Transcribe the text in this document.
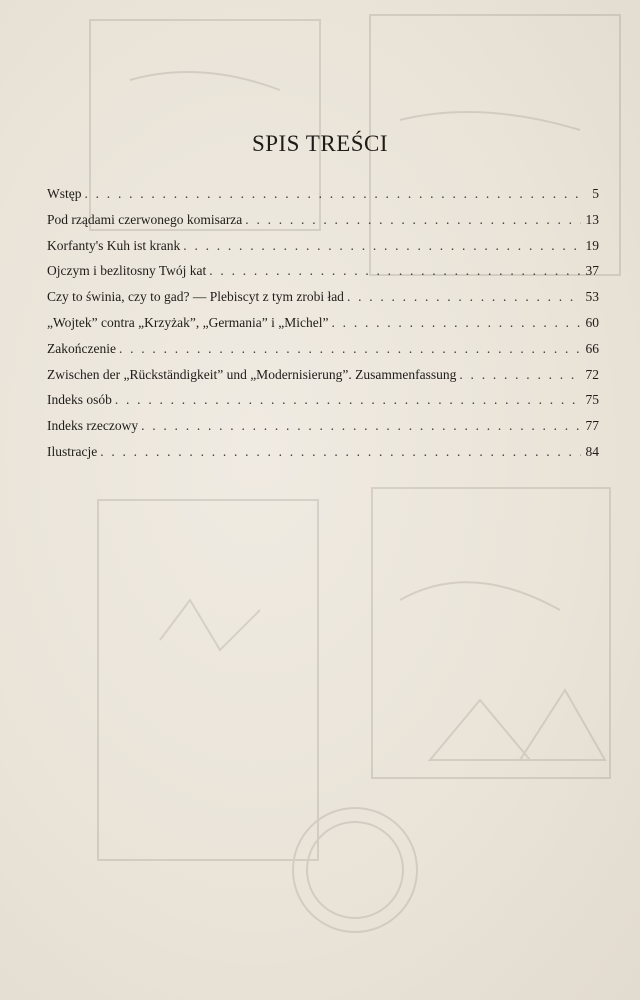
SPIS TREŚCI
Wstęp . . .	5
Pod rządami czerwonego komisarza . . .	13
Korfanty's Kuh ist krank . . .	19
Ojczym i bezlitosny Twój kat . . .	37
Czy to świnia, czy to gad? — Plebiscyt z tym zrobi ład . . .	53
„Wojtek” contra „Krzyżak”, „Germania” i „Michel” . . .	60
Zakończenie . . .	66
Zwischen der „Rückständigkeit” und „Modernisierung”. Zusammenfassung . . .	72
Indeks osób . . .	75
Indeks rzeczowy . . .	77
Ilustracje . . .	84
